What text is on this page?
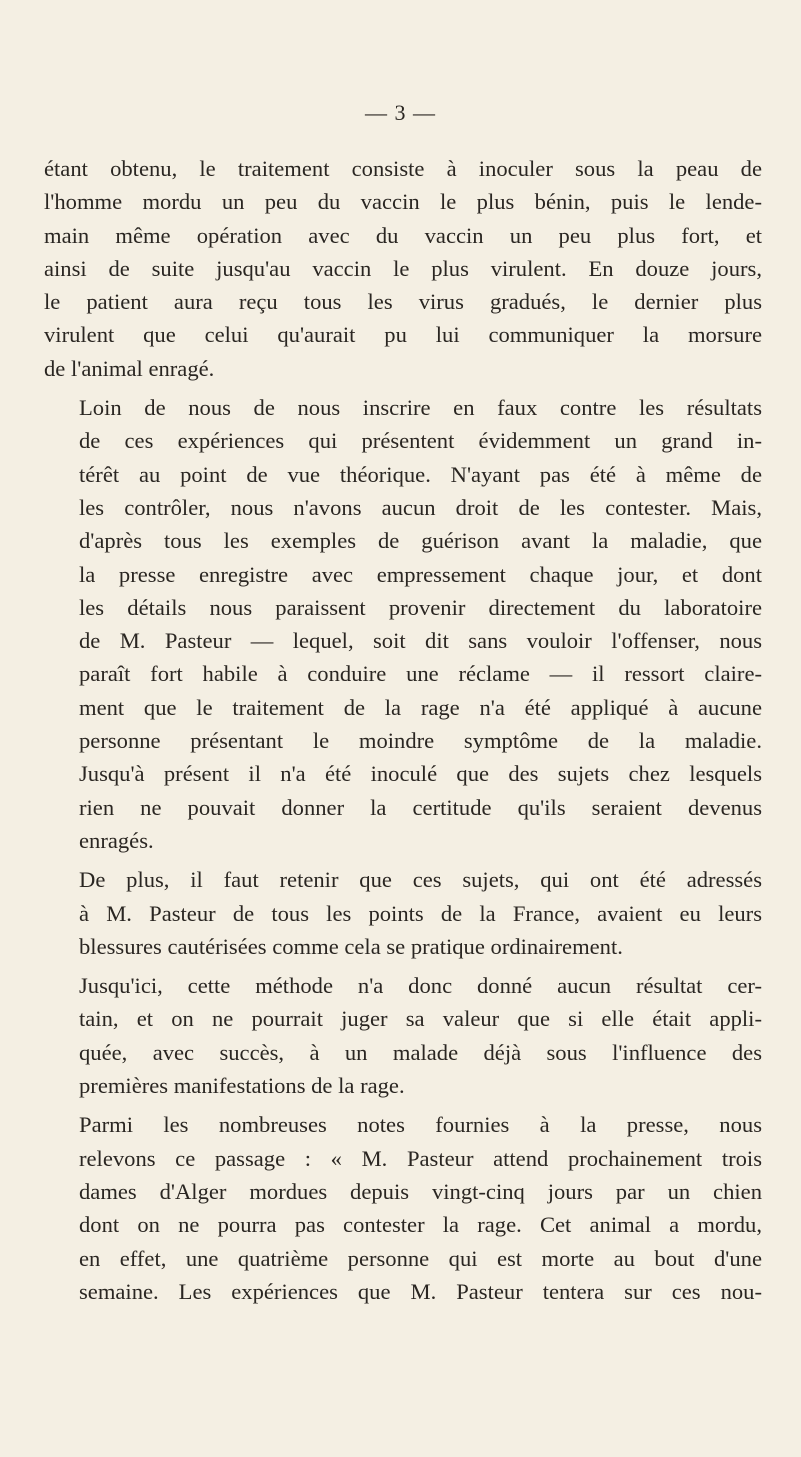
— 3 —
étant obtenu, le traitement consiste à inoculer sous la peau de
l'homme mordu un peu du vaccin le plus bénin, puis le lende-
main même opération avec du vaccin un peu plus fort, et
ainsi de suite jusqu'au vaccin le plus virulent. En douze jours,
le patient aura reçu tous les virus gradués, le dernier plus
virulent que celui qu'aurait pu lui communiquer la morsure
de l'animal enragé.
Loin de nous de nous inscrire en faux contre les résultats
de ces expériences qui présentent évidemment un grand in-
térêt au point de vue théorique. N'ayant pas été à même de
les contrôler, nous n'avons aucun droit de les contester. Mais,
d'après tous les exemples de guérison avant la maladie, que
la presse enregistre avec empressement chaque jour, et dont
les détails nous paraissent provenir directement du laboratoire
de M. Pasteur — lequel, soit dit sans vouloir l'offenser, nous
paraît fort habile à conduire une réclame — il ressort claire-
ment que le traitement de la rage n'a été appliqué à aucune
personne présentant le moindre symptôme de la maladie.
Jusqu'à présent il n'a été inoculé que des sujets chez lesquels
rien ne pouvait donner la certitude qu'ils seraient devenus
enragés.
De plus, il faut retenir que ces sujets, qui ont été adressés
à M. Pasteur de tous les points de la France, avaient eu leurs
blessures cautérisées comme cela se pratique ordinairement.
Jusqu'ici, cette méthode n'a donc donné aucun résultat cer-
tain, et on ne pourrait juger sa valeur que si elle était appli-
quée, avec succès, à un malade déjà sous l'influence des
premières manifestations de la rage.
Parmi les nombreuses notes fournies à la presse, nous
relevons ce passage : « M. Pasteur attend prochainement trois
dames d'Alger mordues depuis vingt-cinq jours par un chien
dont on ne pourra pas contester la rage. Cet animal a mordu,
en effet, une quatrième personne qui est morte au bout d'une
semaine. Les expériences que M. Pasteur tentera sur ces nou-
